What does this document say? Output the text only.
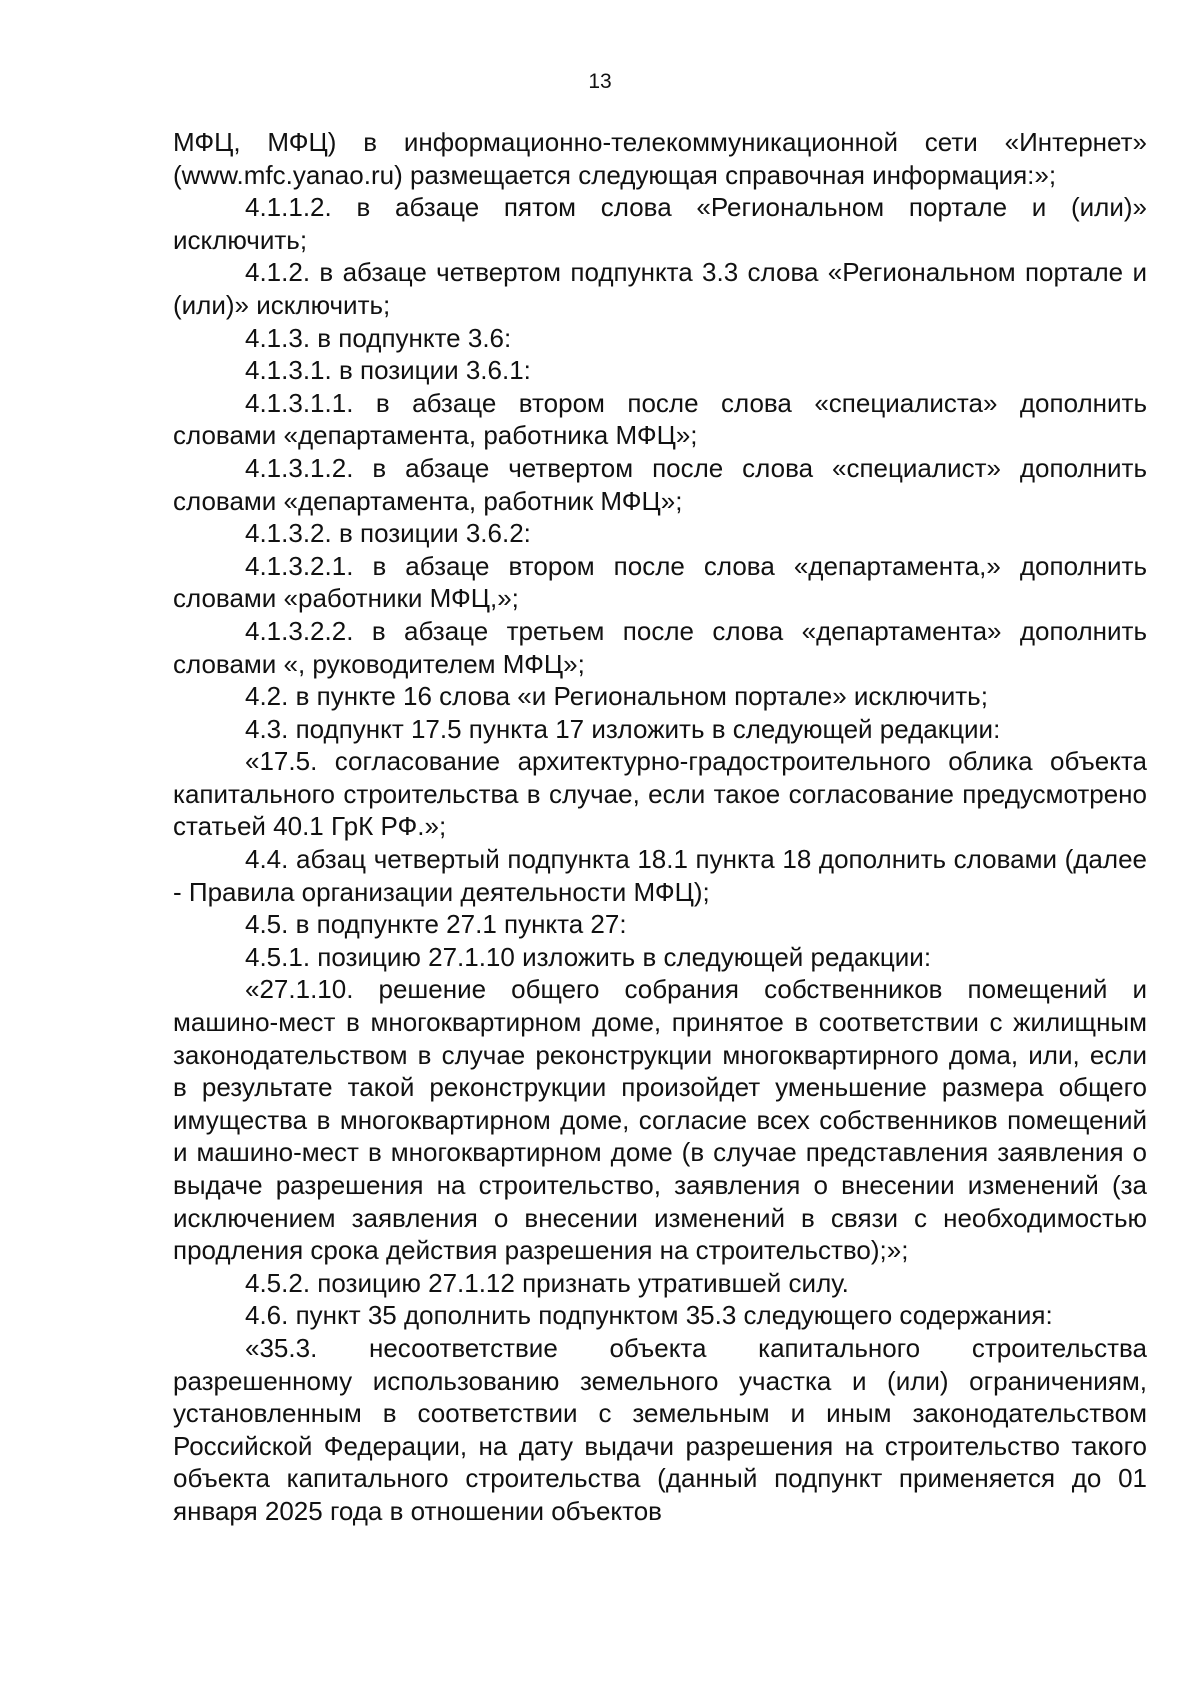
13

МФЦ, МФЦ) в информационно-телекоммуникационной сети «Интернет» (www.mfc.yanao.ru) размещается следующая справочная информация:»;

4.1.1.2. в абзаце пятом слова «Региональном портале и (или)» исключить;

4.1.2. в абзаце четвертом подпункта 3.3 слова «Региональном портале и (или)» исключить;

4.1.3. в подпункте 3.6:

4.1.3.1. в позиции 3.6.1:

4.1.3.1.1. в абзаце втором после слова «специалиста» дополнить словами «департамента, работника МФЦ»;

4.1.3.1.2. в абзаце четвертом после слова «специалист» дополнить словами «департамента, работник МФЦ»;

4.1.3.2. в позиции 3.6.2:

4.1.3.2.1. в абзаце втором после слова «департамента,» дополнить словами «работники МФЦ,»;

4.1.3.2.2. в абзаце третьем после слова «департамента» дополнить словами «, руководителем МФЦ»;

4.2. в пункте 16 слова «и Региональном портале» исключить;

4.3. подпункт 17.5 пункта 17 изложить в следующей редакции:

«17.5. согласование архитектурно-градостроительного облика объекта капитального строительства в случае, если такое согласование предусмотрено статьей 40.1 ГрК РФ.»;

4.4. абзац четвертый подпункта 18.1 пункта 18 дополнить словами (далее - Правила организации деятельности МФЦ);

4.5. в подпункте 27.1 пункта 27:

4.5.1. позицию 27.1.10 изложить в следующей редакции:

«27.1.10. решение общего собрания собственников помещений и машино-мест в многоквартирном доме, принятое в соответствии с жилищным законодательством в случае реконструкции многоквартирного дома, или, если в результате такой реконструкции произойдет уменьшение размера общего имущества в многоквартирном доме, согласие всех собственников помещений и машино-мест в многоквартирном доме (в случае представления заявления о выдаче разрешения на строительство, заявления о внесении изменений (за исключением заявления о внесении изменений в связи с необходимостью продления срока действия разрешения на строительство);»;

4.5.2. позицию 27.1.12 признать утратившей силу.

4.6. пункт 35 дополнить подпунктом 35.3 следующего содержания:

«35.3. несоответствие объекта капитального строительства разрешенному использованию земельного участка и (или) ограничениям, установленным в соответствии с земельным и иным законодательством Российской Федерации, на дату выдачи разрешения на строительство такого объекта капитального строительства (данный подпункт применяется до 01 января 2025 года в отношении объектов
